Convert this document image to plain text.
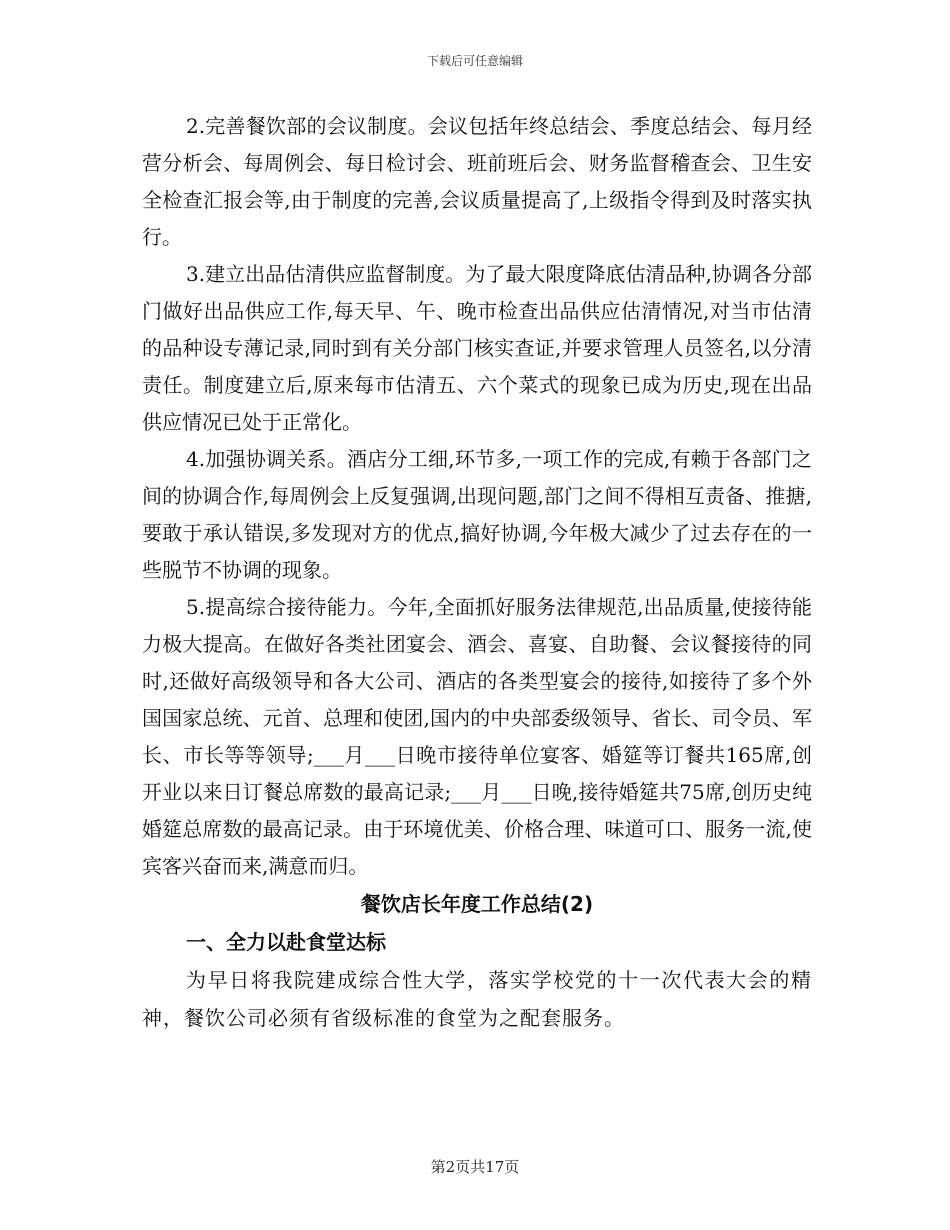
下载后可任意编辑

2.完善餐饮部的会议制度。会议包括年终总结会、季度总结会、每月经营分析会、每周例会、每日检讨会、班前班后会、财务监督稽查会、卫生安全检查汇报会等,由于制度的完善,会议质量提高了,上级指令得到及时落实执行。

3.建立出品估清供应监督制度。为了最大限度降底估清品种,协调各分部门做好出品供应工作,每天早、午、晚市检查出品供应估清情况,对当市估清的品种设专薄记录,同时到有关分部门核实查证,并要求管理人员签名,以分清责任。制度建立后,原来每市估清五、六个菜式的现象已成为历史,现在出品供应情况已处于正常化。

4.加强协调关系。酒店分工细,环节多,一项工作的完成,有赖于各部门之间的协调合作,每周例会上反复强调,出现问题,部门之间不得相互责备、推搪,要敢于承认错误,多发现对方的优点,搞好协调,今年极大减少了过去存在的一些脱节不协调的现象。

5.提高综合接待能力。今年,全面抓好服务法律规范,出品质量,使接待能力极大提高。在做好各类社团宴会、酒会、喜宴、自助餐、会议餐接待的同时,还做好高级领导和各大公司、酒店的各类型宴会的接待,如接待了多个外国国家总统、元首、总理和使团,国内的中央部委级领导、省长、司令员、军长、市长等等领导;___月___日晚市接待单位宴客、婚筵等订餐共165席,创开业以来日订餐总席数的最高记录;___月___日晚,接待婚筵共75席,创历史纯婚筵总席数的最高记录。由于环境优美、价格合理、味道可口、服务一流,使宾客兴奋而来,满意而归。

餐饮店长年度工作总结(2)
一、全力以赴食堂达标

为早日将我院建成综合性大学，落实学校党的十一次代表大会的精神，餐饮公司必须有省级标准的食堂为之配套服务。

第2页共17页
